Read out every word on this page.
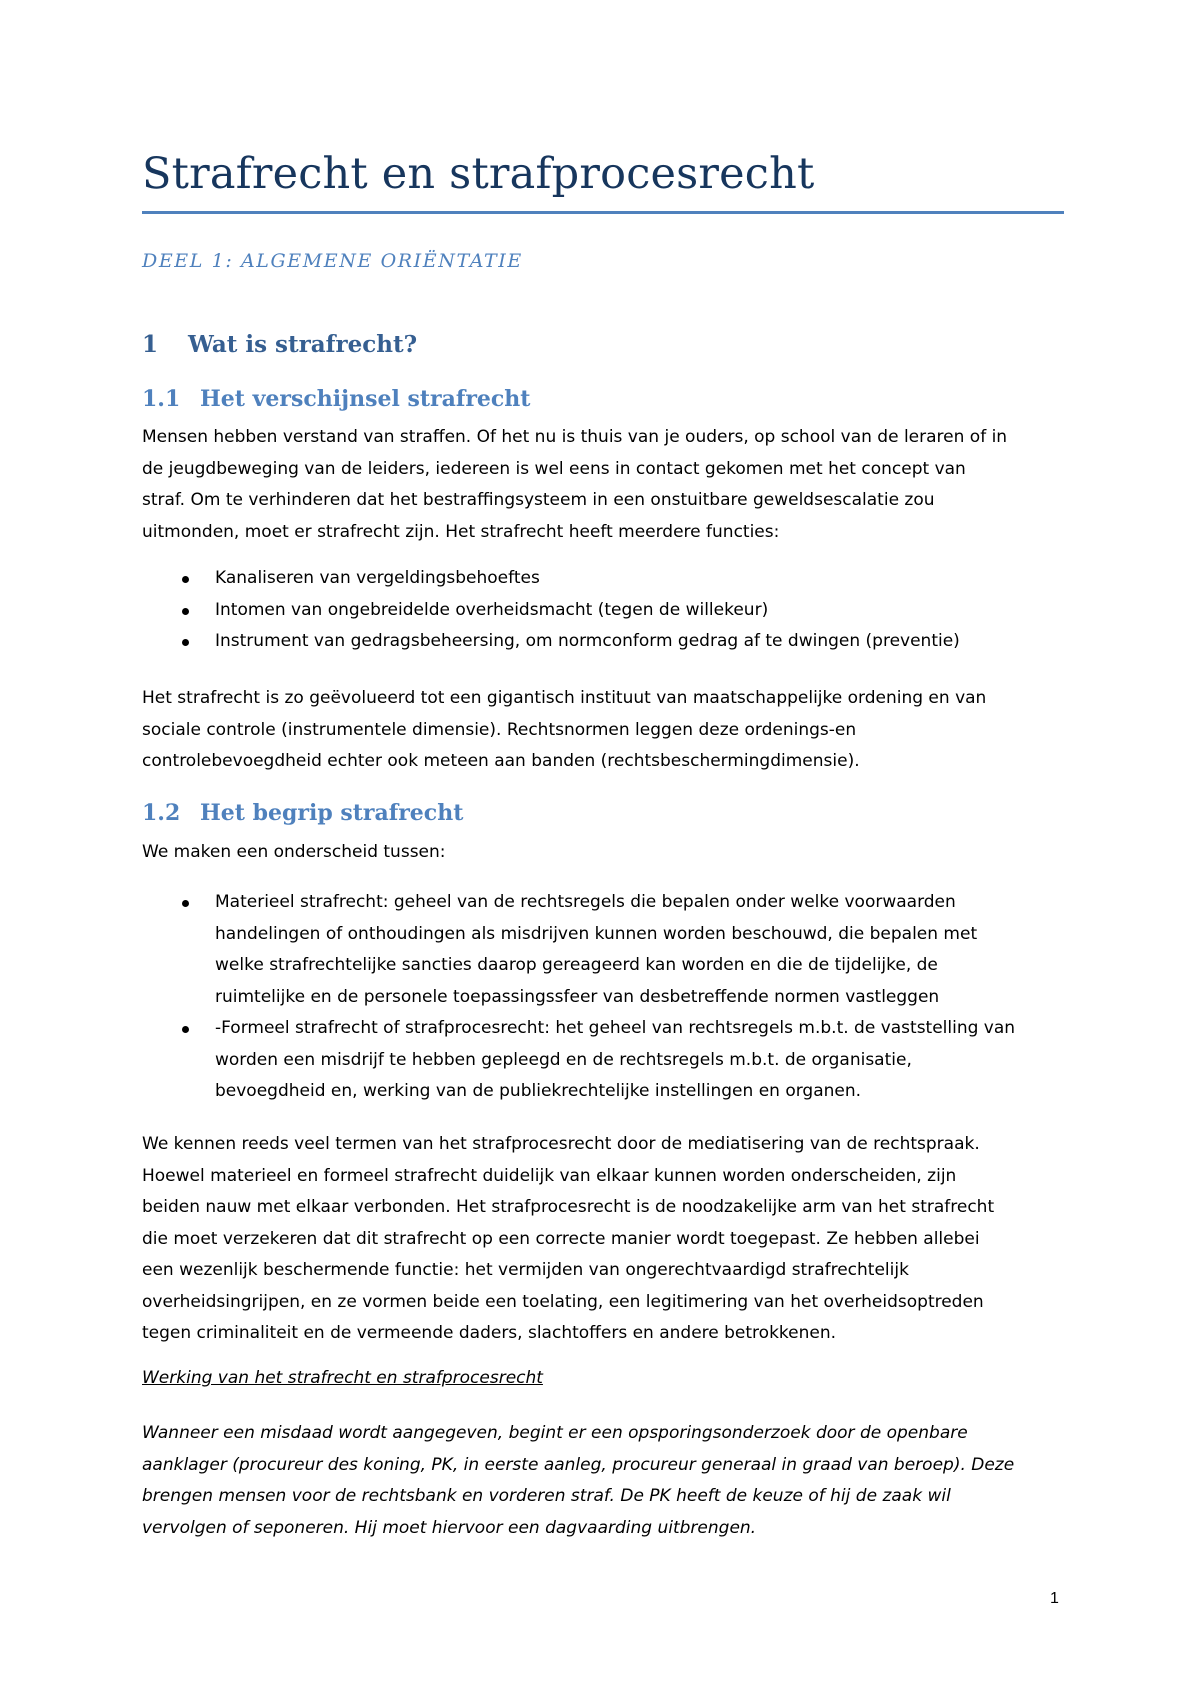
Strafrecht en strafprocesrecht
DEEL 1: ALGEMENE ORIËNTATIE
1 Wat is strafrecht?
1.1 Het verschijnsel strafrecht

Mensen hebben verstand van straffen. Of het nu is thuis van je ouders, op school van de leraren of in
de jeugdbeweging van de leiders, iedereen is wel eens in contact gekomen met het concept van
straf. Om te verhinderen dat het bestraffingsysteem in een onstuitbare geweldsescalatie zou
uitmonden, moet er strafrecht zijn. Het strafrecht heeft meerdere functies:

Kanaliseren van vergeldingsbehoeftes
Intomen van ongebreidelde overheidsmacht (tegen de willekeur)
Instrument van gedragsbeheersing, om normconform gedrag af te dwingen (preventie)

Het strafrecht is zo geëvolueerd tot een gigantisch instituut van maatschappelijke ordening en van
sociale controle (instrumentele dimensie). Rechtsnormen leggen deze ordenings-en
controlebevoegdheid echter ook meteen aan banden (rechtsbeschermingdimensie).

1.2 Het begrip strafrecht

We maken een onderscheid tussen:

Materieel strafrecht: geheel van de rechtsregels die bepalen onder welke voorwaarden
handelingen of onthoudingen als misdrijven kunnen worden beschouwd, die bepalen met
welke strafrechtelijke sancties daarop gereageerd kan worden en die de tijdelijke, de
ruimtelijke en de personele toepassingssfeer van desbetreffende normen vastleggen
-Formeel strafrecht of strafprocesrecht: het geheel van rechtsregels m.b.t. de vaststelling van
worden een misdrijf te hebben gepleegd en de rechtsregels m.b.t. de organisatie,
bevoegdheid en, werking van de publiekrechtelijke instellingen en organen.

We kennen reeds veel termen van het strafprocesrecht door de mediatisering van de rechtspraak.
Hoewel materieel en formeel strafrecht duidelijk van elkaar kunnen worden onderscheiden, zijn
beiden nauw met elkaar verbonden. Het strafprocesrecht is de noodzakelijke arm van het strafrecht
die moet verzekeren dat dit strafrecht op een correcte manier wordt toegepast. Ze hebben allebei
een wezenlijk beschermende functie: het vermijden van ongerechtvaardigd strafrechtelijk
overheidsingrijpen, en ze vormen beide een toelating, een legitimering van het overheidsoptreden
tegen criminaliteit en de vermeende daders, slachtoffers en andere betrokkenen.

Werking van het strafrecht en strafprocesrecht

Wanneer een misdaad wordt aangegeven, begint er een opsporingsonderzoek door de openbare
aanklager (procureur des koning, PK, in eerste aanleg, procureur generaal in graad van beroep). Deze
brengen mensen voor de rechtsbank en vorderen straf. De PK heeft de keuze of hij de zaak wil
vervolgen of seponeren. Hij moet hiervoor een dagvaarding uitbrengen.

1
